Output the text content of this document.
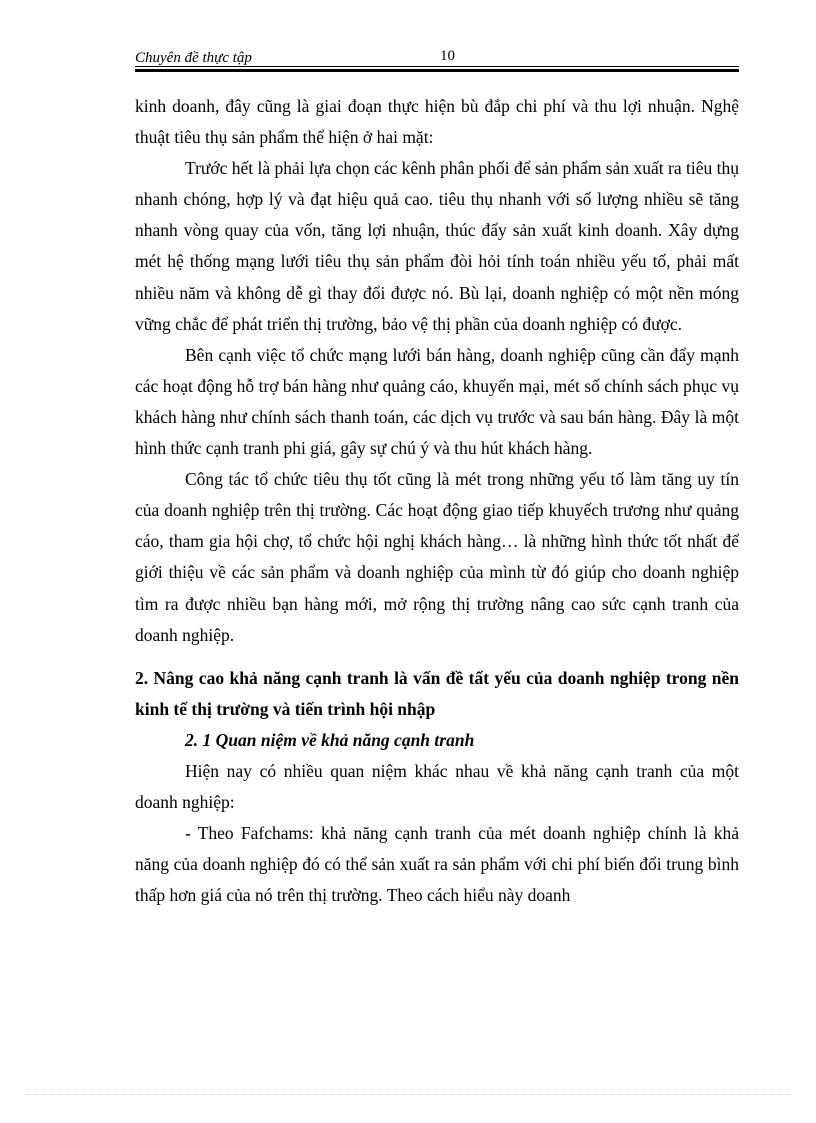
Chuyên đề thực tập	10

kinh doanh, đây cũng là giai đoạn thực hiện bù đắp chi phí và thu lợi nhuận. Nghệ thuật tiêu thụ sản phẩm thể hiện ở hai mặt:

Trước hết là phải lựa chọn các kênh phân phối để sản phẩm sản xuất ra tiêu thụ nhanh chóng, hợp lý và đạt hiệu quả cao. tiêu thụ nhanh với số lượng nhiều sẽ tăng nhanh vòng quay của vốn, tăng lợi nhuận, thúc đẩy sản xuất kinh doanh. Xây dựng mét hệ thống mạng lưới tiêu thụ sản phẩm đòi hỏi tính toán nhiều yếu tố, phải mất nhiều năm và không dễ gì thay đổi được nó. Bù lại, doanh nghiệp có một nền móng vững chắc để phát triển thị trường, bảo vệ thị phần của doanh nghiệp có được.

Bên cạnh việc tổ chức mạng lưới bán hàng, doanh nghiệp cũng cần đẩy mạnh các hoạt động hỗ trợ bán hàng như quảng cáo, khuyến mại, mét số chính sách phục vụ khách hàng như chính sách thanh toán, các dịch vụ trước và sau bán hàng. Đây là một hình thức cạnh tranh phi giá, gây sự chú ý và thu hút khách hàng.

Công tác tổ chức tiêu thụ tốt cũng là mét trong những yếu tố làm tăng uy tín của doanh nghiệp trên thị trường. Các hoạt động giao tiếp khuyếch trương như quảng cáo, tham gia hội chợ, tổ chức hội nghị khách hàng… là những hình thức tốt nhất để giới thiệu về các sản phẩm và doanh nghiệp của mình từ đó giúp cho doanh nghiệp tìm ra được nhiều bạn hàng mới, mở rộng thị trường nâng cao sức cạnh tranh của doanh nghiệp.

2. Nâng cao khả năng cạnh tranh là vấn đề tất yếu của doanh nghiệp trong nền kinh tế thị trường và tiến trình hội nhập
2. 1 Quan niệm về khả năng cạnh tranh

Hiện nay có nhiều quan niệm khác nhau về khả năng cạnh tranh của một doanh nghiệp:

- Theo Fafchams: khả năng cạnh tranh của mét doanh nghiệp chính là khả năng của doanh nghiệp đó có thể sản xuất ra sản phẩm với chi phí biến đổi trung bình thấp hơn giá của nó trên thị trường. Theo cách hiểu này doanh
